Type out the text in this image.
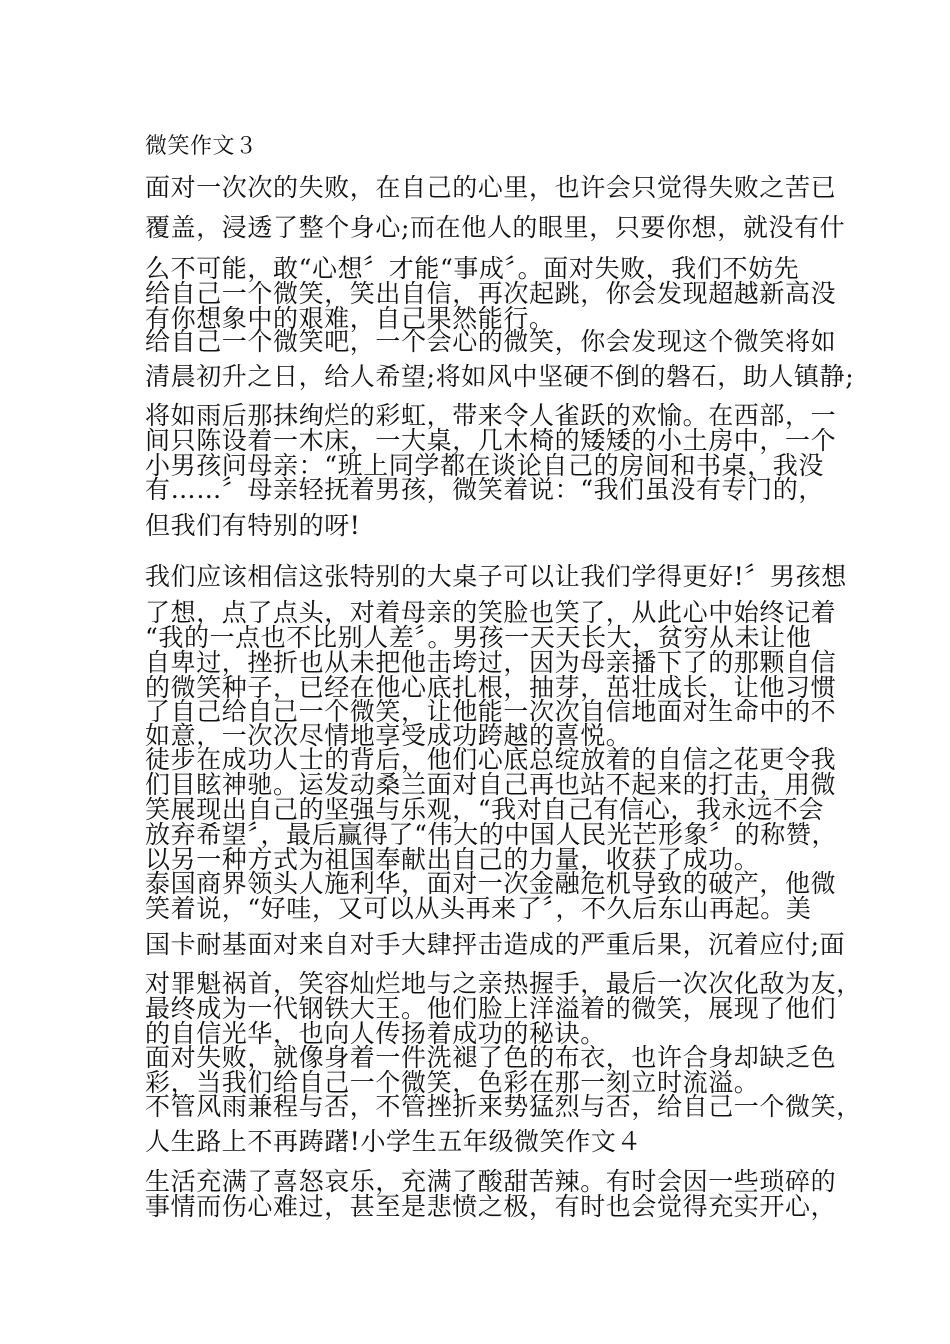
微笑作文３
面对一次次的失败，在自己的心里，也许会只觉得失败之苦已
覆盖，浸透了整个身心;而在他人的眼里，只要你想，就没有什
么不可能，敢“心想〞才能“事成〞。面对失败，我们不妨先
给自己一个微笑，笑出自信，再次起跳，你会发现超越新高没
有你想象中的艰难，自己果然能行。
给自己一个微笑吧，一个会心的微笑，你会发现这个微笑将如
清晨初升之日，给人希望;将如风中坚硬不倒的磐石，助人镇静;
将如雨后那抹绚烂的彩虹，带来令人雀跃的欢愉。在西部，一
间只陈设着一木床，一大桌，几木椅的矮矮的小土房中，一个
小男孩问母亲：“班上同学都在谈论自己的房间和书桌，我没
有……〞母亲轻抚着男孩，微笑着说：“我们虽没有专门的，
但我们有特别的呀!
我们应该相信这张特别的大桌子可以让我们学得更好!〞男孩想
了想，点了点头，对着母亲的笑脸也笑了，从此心中始终记着
“我的一点也不比别人差〞。男孩一天天长大，贫穷从未让他
自卑过，挫折也从未把他击垮过，因为母亲播下了的那颗自信
的微笑种子，已经在他心底扎根，抽芽，茁壮成长，让他习惯
了自己给自己一个微笑，让他能一次次自信地面对生命中的不
如意，一次次尽情地享受成功跨越的喜悦。
徒步在成功人士的背后，他们心底总绽放着的自信之花更令我
们目眩神驰。运发动桑兰面对自己再也站不起来的打击，用微
笑展现出自己的坚强与乐观，“我对自己有信心，我永远不会
放弃希望〞，最后赢得了“伟大的中国人民光芒形象〞的称赞，
以另一种方式为祖国奉献出自己的力量，收获了成功。
泰国商界领头人施利华，面对一次金融危机导致的破产，他微
笑着说，“好哇，又可以从头再来了〞，不久后东山再起。美
国卡耐基面对来自对手大肆抨击造成的严重后果，沉着应付;面
对罪魁祸首，笑容灿烂地与之亲热握手，最后一次次化敌为友，
最终成为一代钢铁大王。他们脸上洋溢着的微笑，展现了他们
的自信光华，也向人传扬着成功的秘诀。
面对失败，就像身着一件洗褪了色的布衣，也许合身却缺乏色
彩，当我们给自己一个微笑，色彩在那一刻立时流溢。
不管风雨兼程与否，不管挫折来势猛烈与否，给自己一个微笑，
人生路上不再踌躇!小学生五年级微笑作文４
生活充满了喜怒哀乐，充满了酸甜苦辣。有时会因一些琐碎的
事情而伤心难过，甚至是悲愤之极，有时也会觉得充实开心，
